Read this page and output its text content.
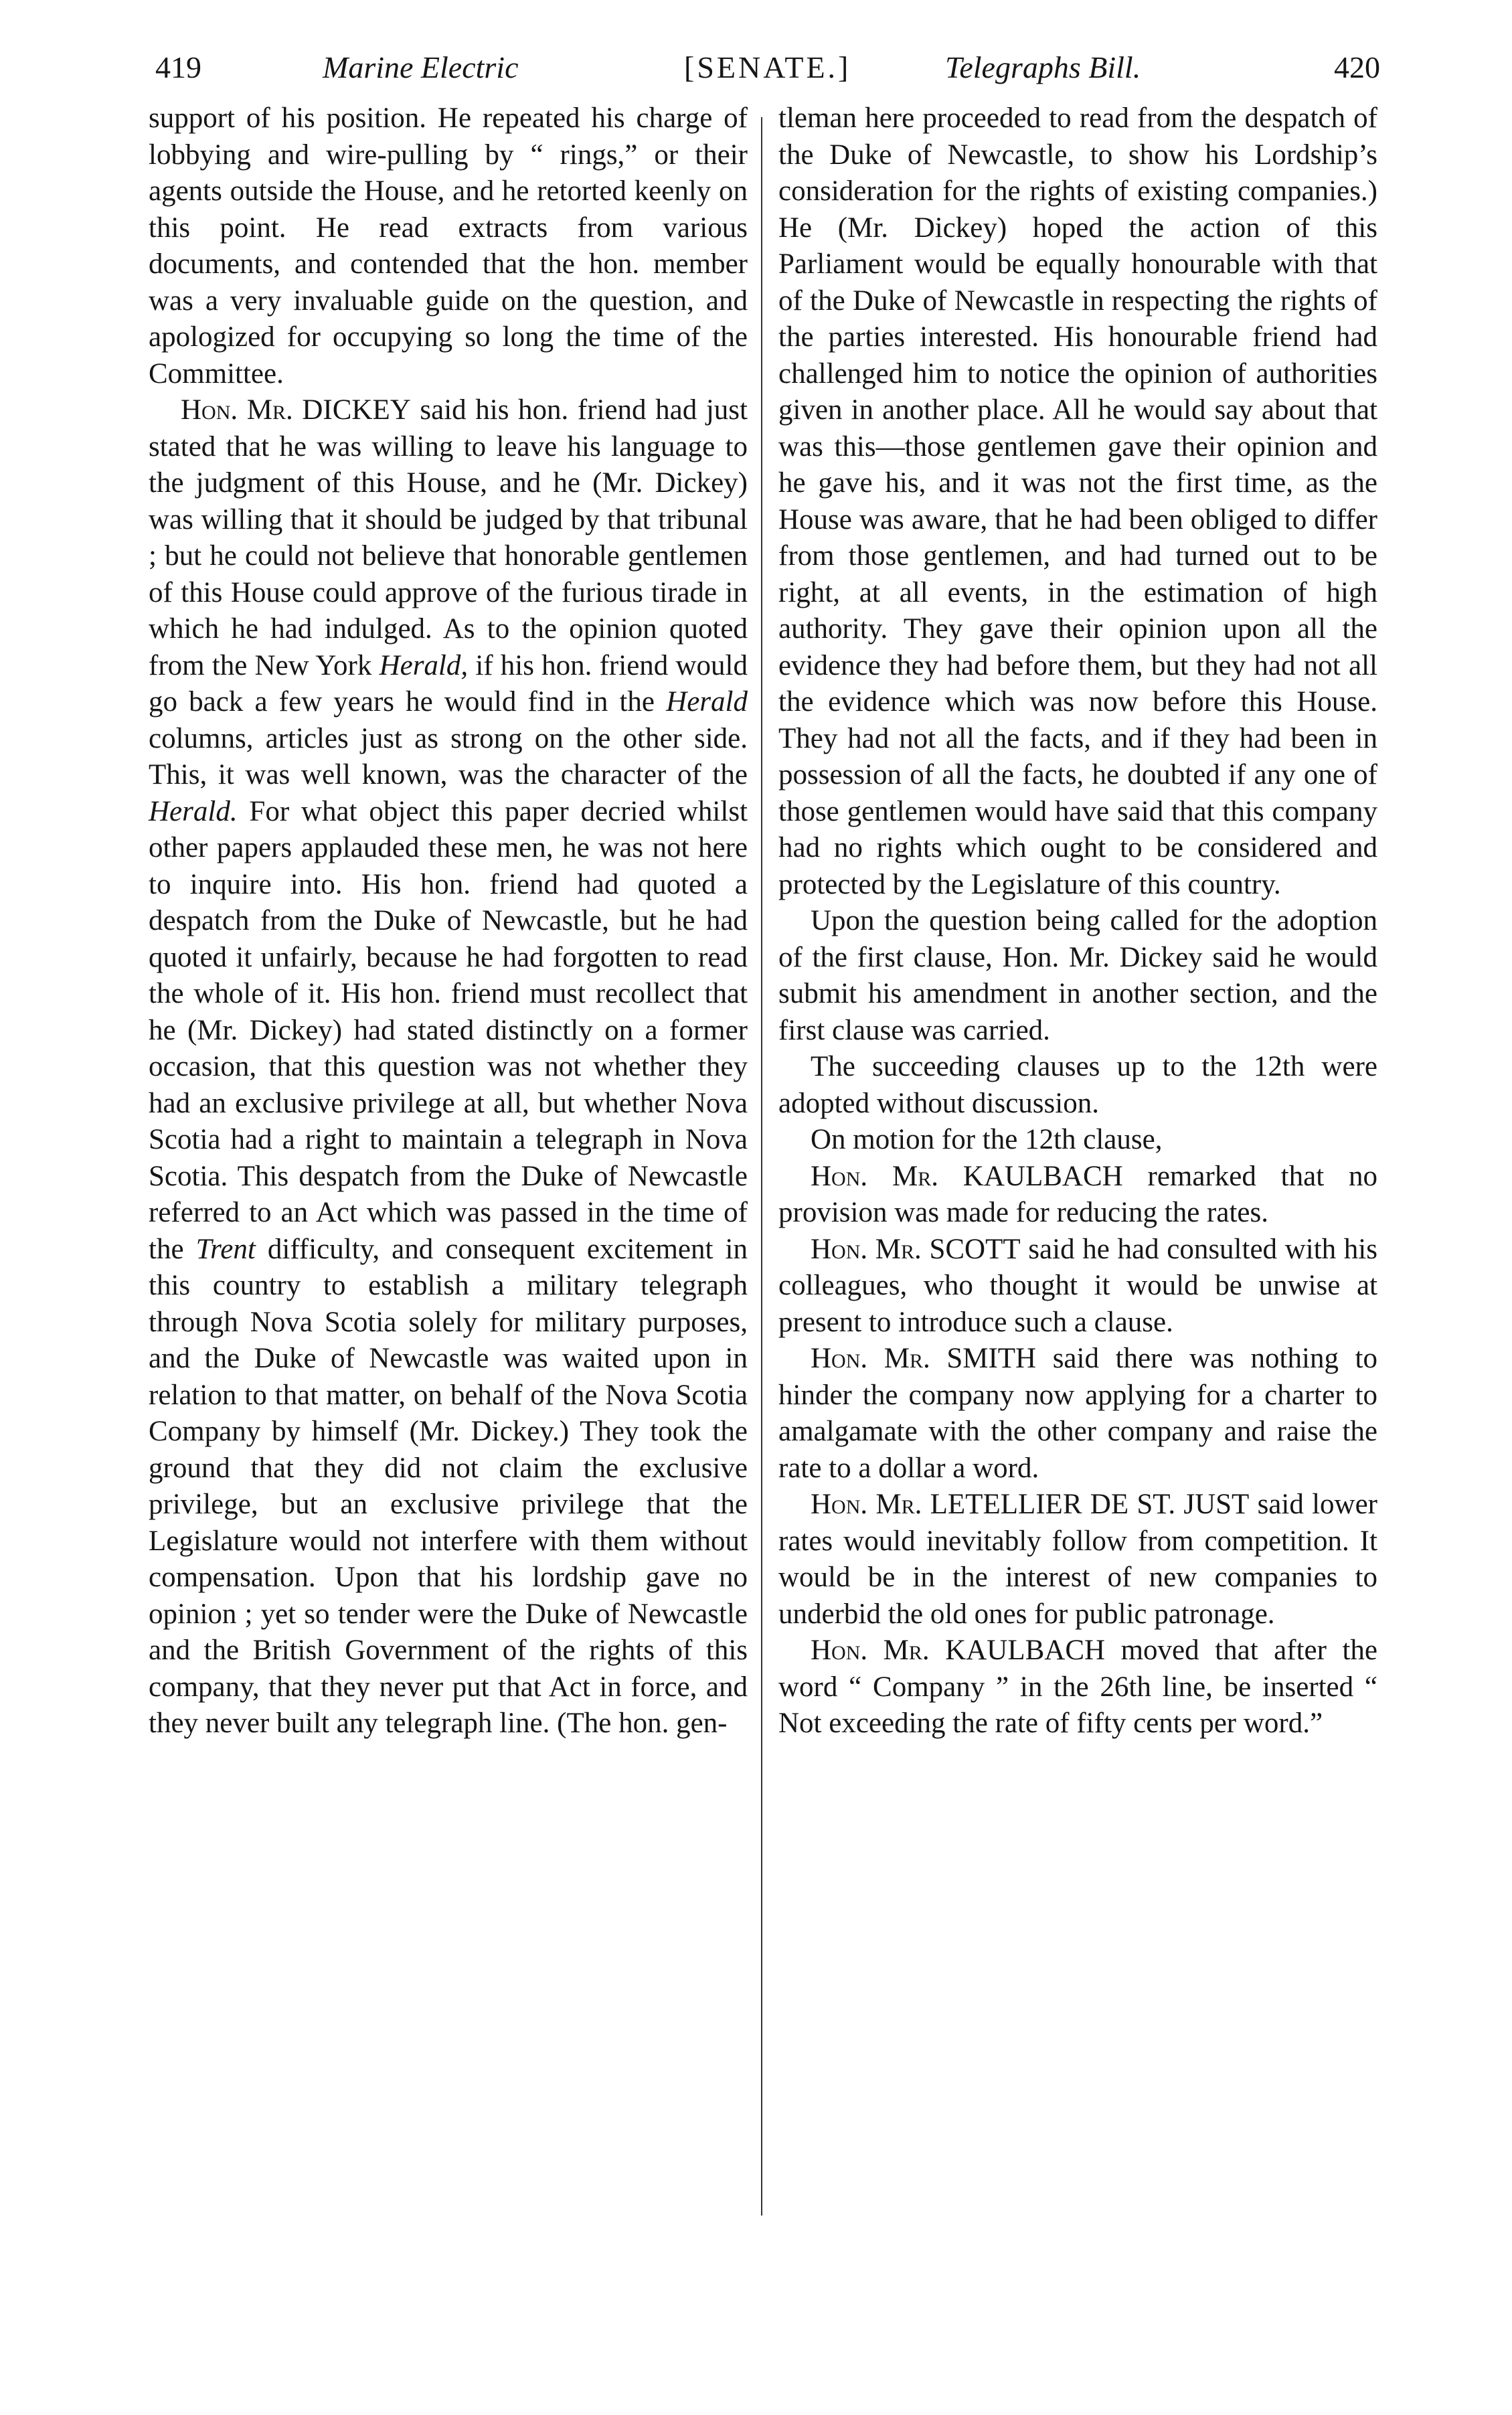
419	Marine Electric	[SENATE.]	Telegraphs Bill.	420

support of his position. He repeated his charge of lobbying and wire-pulling by “ rings,” or their agents outside the House, and he retorted keenly on this point. He read extracts from various documents, and contended that the hon. member was a very invaluable guide on the question, and apologized for occupying so long the time of the Committee.

Hon. Mr. DICKEY said his hon. friend had just stated that he was willing to leave his language to the judgment of this House, and he (Mr. Dickey) was willing that it should be judged by that tribunal ; but he could not believe that honorable gentlemen of this House could approve of the furious tirade in which he had indulged. As to the opinion quoted from the New York Herald, if his hon. friend would go back a few years he would find in the Herald columns, articles just as strong on the other side. This, it was well known, was the character of the Herald. For what object this paper decried whilst other papers applauded these men, he was not here to inquire into. His hon. friend had quoted a despatch from the Duke of Newcastle, but he had quoted it unfairly, because he had forgotten to read the whole of it. His hon. friend must recollect that he (Mr. Dickey) had stated distinctly on a former occasion, that this question was not whether they had an exclusive privilege at all, but whether Nova Scotia had a right to maintain a telegraph in Nova Scotia. This despatch from the Duke of Newcastle referred to an Act which was passed in the time of the Trent difficulty, and consequent excitement in this country to establish a military telegraph through Nova Scotia solely for military purposes, and the Duke of Newcastle was waited upon in relation to that matter, on behalf of the Nova Scotia Company by himself (Mr. Dickey.) They took the ground that they did not claim the exclusive privilege, but an exclusive privilege that the Legislature would not interfere with them without compensation. Upon that his lordship gave no opinion ; yet so tender were the Duke of Newcastle and the British Government of the rights of this company, that they never put that Act in force, and they never built any telegraph line. (The hon. gen-

tleman here proceeded to read from the despatch of the Duke of Newcastle, to show his Lordship’s consideration for the rights of existing companies.) He (Mr. Dickey) hoped the action of this Parliament would be equally honourable with that of the Duke of Newcastle in respecting the rights of the parties interested. His honourable friend had challenged him to notice the opinion of authorities given in another place. All he would say about that was this—those gentlemen gave their opinion and he gave his, and it was not the first time, as the House was aware, that he had been obliged to differ from those gentlemen, and had turned out to be right, at all events, in the estimation of high authority. They gave their opinion upon all the evidence they had before them, but they had not all the evidence which was now before this House. They had not all the facts, and if they had been in possession of all the facts, he doubted if any one of those gentlemen would have said that this company had no rights which ought to be considered and protected by the Legislature of this country.

Upon the question being called for the adoption of the first clause, Hon. Mr. Dickey said he would submit his amendment in another section, and the first clause was carried.

The succeeding clauses up to the 12th were adopted without discussion.

On motion for the 12th clause,

Hon. Mr. KAULBACH remarked that no provision was made for reducing the rates.

Hon. Mr. SCOTT said he had consulted with his colleagues, who thought it would be unwise at present to introduce such a clause.

Hon. Mr. SMITH said there was nothing to hinder the company now applying for a charter to amalgamate with the other company and raise the rate to a dollar a word.

Hon. Mr. LETELLIER DE ST. JUST said lower rates would inevitably follow from competition. It would be in the interest of new companies to underbid the old ones for public patronage.

Hon. Mr. KAULBACH moved that after the word “ Company ” in the 26th line, be inserted “ Not exceeding the rate of fifty cents per word.”
